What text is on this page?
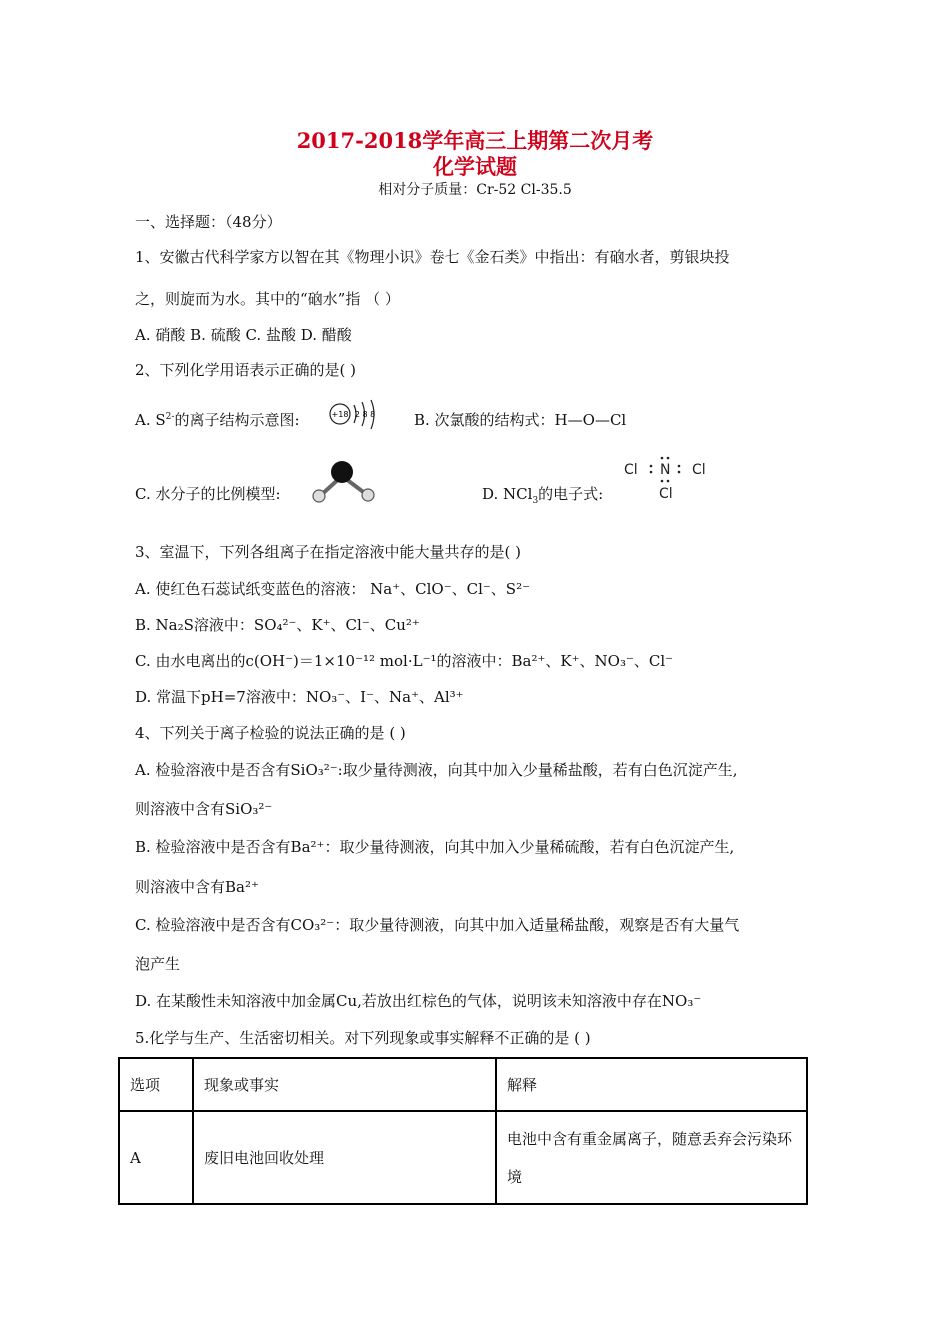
2017-2018学年高三上期第二次月考
化学试题
相对分子质量：Cr-52 Cl-35.5
一、选择题：（48分）
1、安徽古代科学家方以智在其《物理小识》卷七《金石类》中指出：有硇水者，剪银块投
之，则旋而为水。其中的“硇水”指 （ ）
A. 硝酸 B. 硫酸 C. 盐酸 D. 醋酸
2、下列化学用语表示正确的是( )
A. $S^{2-}$的离子结构示意图:	+18 2 8 8	B. 次氯酸的结构式：H—O—Cl
C. 水分子的比例模型:	D. NCl$_3$的电子式:
Cl N Cl
Cl
3、室温下，下列各组离子在指定溶液中能大量共存的是( )
A. 使红色石蕊试纸变蓝色的溶液： Na⁺、ClO⁻、Cl⁻、S²⁻
B. Na₂S溶液中：SO₄²⁻、K⁺、Cl⁻、Cu²⁺
C. 由水电离出的c(OH⁻)＝1×10⁻¹² mol·L⁻¹的溶液中：Ba²⁺、K⁺、NO₃⁻、Cl⁻
D. 常温下pH=7溶液中：NO₃⁻、I⁻、Na⁺、Al³⁺
4、下列关于离子检验的说法正确的是 ( )
A. 检验溶液中是否含有SiO₃²⁻:取少量待测液，向其中加入少量稀盐酸，若有白色沉淀产生,
则溶液中含有SiO₃²⁻
B. 检验溶液中是否含有Ba²⁺：取少量待测液，向其中加入少量稀硫酸，若有白色沉淀产生,
则溶液中含有Ba²⁺
C. 检验溶液中是否含有CO₃²⁻：取少量待测液，向其中加入适量稀盐酸，观察是否有大量气
泡产生
D. 在某酸性未知溶液中加金属Cu,若放出红棕色的气体，说明该未知溶液中存在NO₃⁻
5.化学与生产、生活密切相关。对下列现象或事实解释不正确的是 ( )
选项	现象或事实	解释
A	废旧电池回收处理	电池中含有重金属离子，随意丢弃会污染环境
